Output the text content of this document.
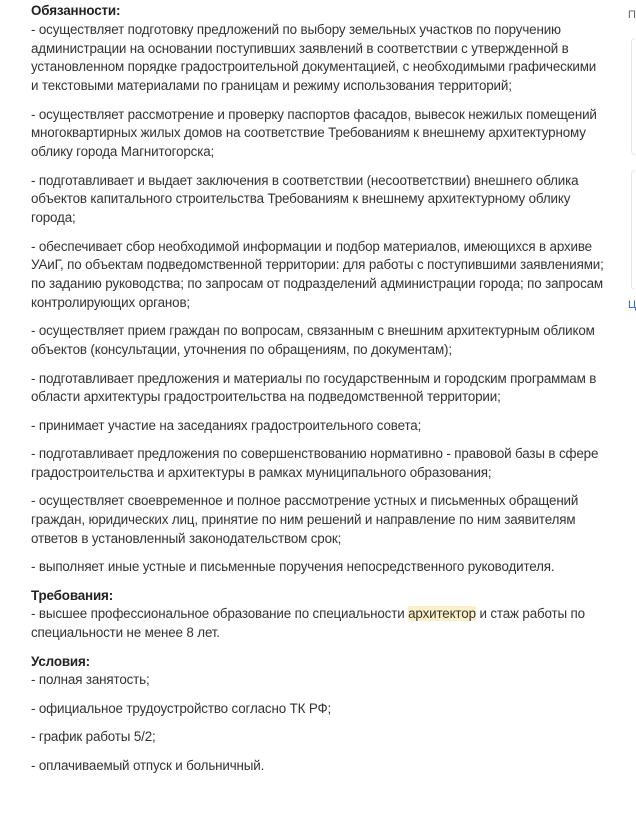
Обязанности:

- осуществляет подготовку предложений по выбору земельных участков по поручению администрации на основании поступивших заявлений в соответствии с утвержденной в установленном порядке градостроительной документацией, с необходимыми графическими и текстовыми материалами по границам и режиму использования территорий;

- осуществляет рассмотрение и проверку паспортов фасадов, вывесок нежилых помещений многоквартирных жилых домов на соответствие Требованиям к внешнему архитектурному облику города Магнитогорска;

- подготавливает и выдает заключения в соответствии (несоответствии) внешнего облика объектов капитального строительства Требованиям к внешнему архитектурному облику города;

- обеспечивает сбор необходимой информации и подбор материалов, имеющихся в архиве УАиГ, по объектам подведомственной территории: для работы с поступившими заявлениями; по заданию руководства; по запросам от подразделений администрации города; по запросам контролирующих органов;

- осуществляет прием граждан по вопросам, связанным с внешним архитектурным обликом объектов (консультации, уточнения по обращениям, по документам);

- подготавливает предложения и материалы по государственным и городским программам в области архитектуры градостроительства на подведомственной территории;

- принимает участие на заседаниях градостроительного совета;

- подготавливает предложения по совершенствованию нормативно - правовой базы в сфере градостроительства и архитектуры в рамках муниципального образования;

- осуществляет своевременное и полное рассмотрение устных и письменных обращений граждан, юридических лиц, принятие по ним решений и направление по ним заявителям ответов в установленный законодательством срок;

- выполняет иные устные и письменные поручения непосредственного руководителя.

Требования:

- высшее профессиональное образование по специальности архитектор и стаж работы по специальности не менее 8 лет.

Условия:

- полная занятость;

- официальное трудоустройство согласно ТК РФ;

- график работы 5/2;

- оплачиваемый отпуск и больничный.

П
Ц
